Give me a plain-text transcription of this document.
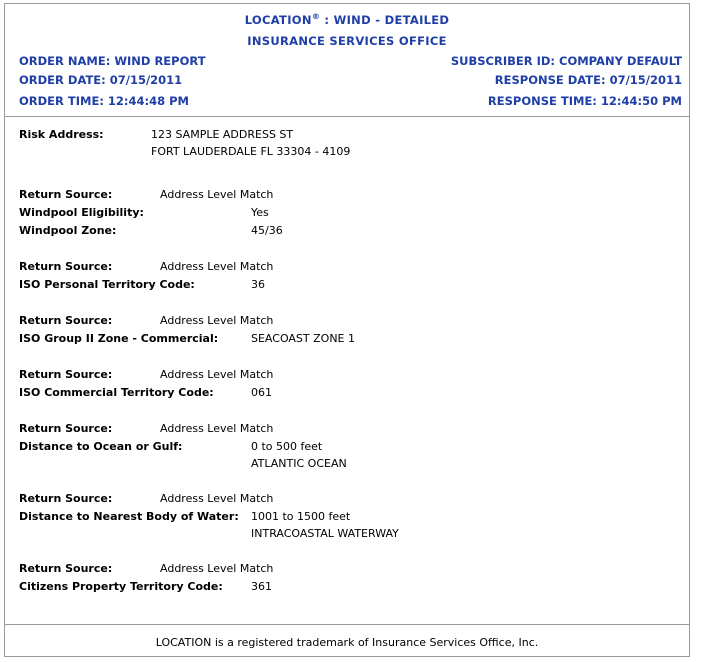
LOCATION® : WIND - DETAILED
INSURANCE SERVICES OFFICE
ORDER NAME: WIND REPORT
ORDER DATE: 07/15/2011
ORDER TIME: 12:44:48 PM
SUBSCRIBER ID: COMPANY DEFAULT
RESPONSE DATE: 07/15/2011
RESPONSE TIME: 12:44:50 PM
Risk Address:	123 SAMPLE ADDRESS ST
FORT LAUDERDALE FL 33304 - 4109
Return Source:	Address Level Match
Windpool Eligibility:	Yes
Windpool Zone:	45/36
Return Source:	Address Level Match
ISO Personal Territory Code:	36
Return Source:	Address Level Match
ISO Group II Zone - Commercial:	SEACOAST ZONE 1
Return Source:	Address Level Match
ISO Commercial Territory Code:	061
Return Source:	Address Level Match
Distance to Ocean or Gulf:	0 to 500 feet
ATLANTIC OCEAN
Return Source:	Address Level Match
Distance to Nearest Body of Water: 1001 to 1500 feet
INTRACOASTAL WATERWAY
Return Source:	Address Level Match
Citizens Property Territory Code:	361
LOCATION is a registered trademark of Insurance Services Office, Inc.
